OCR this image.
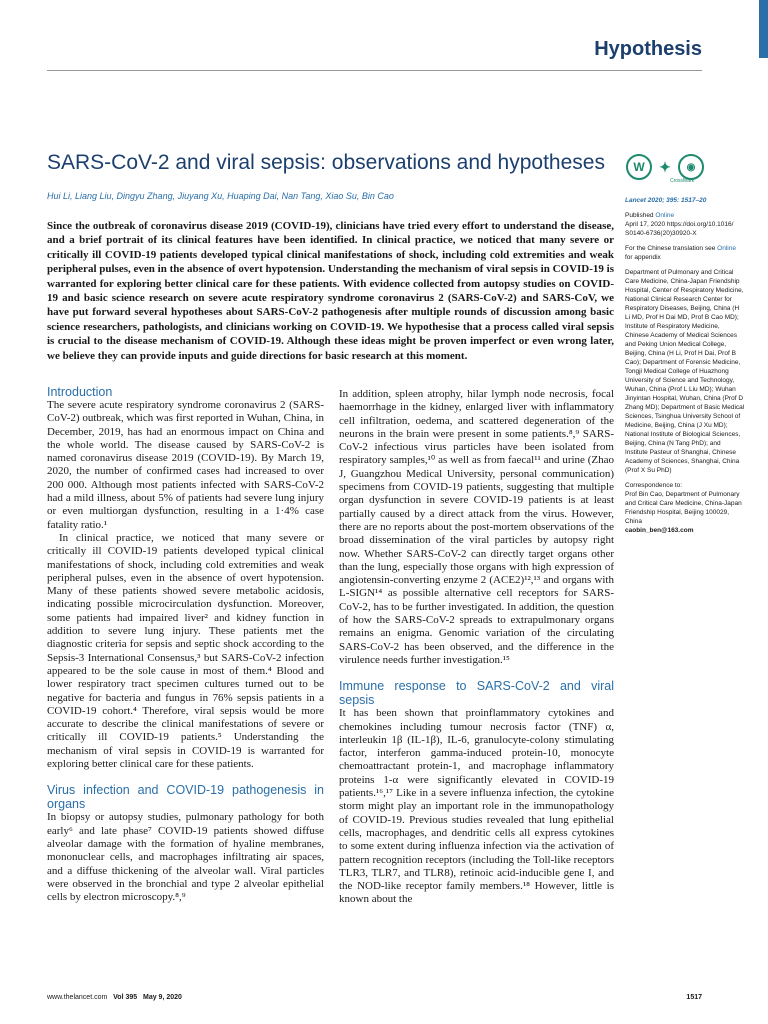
Hypothesis
SARS-CoV-2 and viral sepsis: observations and hypotheses
Hui Li, Liang Liu, Dingyu Zhang, Jiuyang Xu, Huaping Dai, Nan Tang, Xiao Su, Bin Cao
W	✦	◉
CrossMark
Since the outbreak of coronavirus disease 2019 (COVID-19), clinicians have tried every effort to understand the disease, and a brief portrait of its clinical features have been identified. In clinical practice, we noticed that many severe or critically ill COVID-19 patients developed typical clinical manifestations of shock, including cold extremities and weak peripheral pulses, even in the absence of overt hypotension. Understanding the mechanism of viral sepsis in COVID-19 is warranted for exploring better clinical care for these patients. With evidence collected from autopsy studies on COVID-19 and basic science research on severe acute respiratory syndrome coronavirus 2 (SARS-CoV-2) and SARS-CoV, we have put forward several hypotheses about SARS-CoV-2 pathogenesis after multiple rounds of discussion among basic science researchers, pathologists, and clinicians working on COVID-19. We hypothesise that a process called viral sepsis is crucial to the disease mechanism of COVID-19. Although these ideas might be proven imperfect or even wrong later, we believe they can provide inputs and guide directions for basic research at this moment.
Introduction

The severe acute respiratory syndrome coronavirus 2 (SARS-CoV-2) outbreak, which was first reported in Wuhan, China, in December, 2019, has had an enormous impact on China and the whole world. The disease caused by SARS-CoV-2 is named coronavirus disease 2019 (COVID-19). By March 19, 2020, the number of confirmed cases had increased to over 200 000. Although most patients infected with SARS-CoV-2 had a mild illness, about 5% of patients had severe lung injury or even multiorgan dysfunction, resulting in a 1·4% case fatality ratio.¹

In clinical practice, we noticed that many severe or critically ill COVID-19 patients developed typical clinical manifestations of shock, including cold extremities and weak peripheral pulses, even in the absence of overt hypotension. Many of these patients showed severe metabolic acidosis, indicating possible microcirculation dysfunction. Moreover, some patients had impaired liver² and kidney function in addition to severe lung injury. These patients met the diagnostic criteria for sepsis and septic shock according to the Sepsis-3 International Consensus,³ but SARS-CoV-2 infection appeared to be the sole cause in most of them.⁴ Blood and lower respiratory tract specimen cultures turned out to be negative for bacteria and fungus in 76% sepsis patients in a COVID-19 cohort.⁴ Therefore, viral sepsis would be more accurate to describe the clinical manifestations of severe or critically ill COVID-19 patients.⁵ Understanding the mechanism of viral sepsis in COVID-19 is warranted for exploring better clinical care for these patients.

Virus infection and COVID-19 pathogenesis in organs

In biopsy or autopsy studies, pulmonary pathology for both early⁶ and late phase⁷ COVID-19 patients showed diffuse alveolar damage with the formation of hyaline membranes, mononuclear cells, and macrophages infiltrating air spaces, and a diffuse thickening of the alveolar wall. Viral particles were observed in the bronchial and type 2 alveolar epithelial cells by electron microscopy.⁸,⁹

In addition, spleen atrophy, hilar lymph node necrosis, focal haemorrhage in the kidney, enlarged liver with inflammatory cell infiltration, oedema, and scattered degeneration of the neurons in the brain were present in some patients.⁸,⁹ SARS-CoV-2 infectious virus particles have been isolated from respiratory samples,¹⁰ as well as from faecal¹¹ and urine (Zhao J, Guangzhou Medical University, personal communication) specimens from COVID-19 patients, suggesting that multiple organ dysfunction in severe COVID-19 patients is at least partially caused by a direct attack from the virus. However, there are no reports about the post-mortem observations of the broad dissemination of the viral particles by autopsy right now. Whether SARS-CoV-2 can directly target organs other than the lung, especially those organs with high expression of angiotensin-converting enzyme 2 (ACE2)¹²,¹³ and organs with L-SIGN¹⁴ as possible alternative cell receptors for SARS-CoV-2, has to be further investigated. In addition, the question of how the SARS-CoV-2 spreads to extrapulmonary organs remains an enigma. Genomic variation of the circulating SARS-CoV-2 has been observed, and the difference in the virulence needs further investigation.¹⁵

Immune response to SARS-CoV-2 and viral sepsis

It has been shown that proinflammatory cytokines and chemokines including tumour necrosis factor (TNF) α, interleukin 1β (IL-1β), IL-6, granulocyte-colony stimulating factor, interferon gamma-induced protein-10, monocyte chemoattractant protein-1, and macrophage inflammatory proteins 1-α were significantly elevated in COVID-19 patients.¹⁶,¹⁷ Like in a severe influenza infection, the cytokine storm might play an important role in the immunopathology of COVID-19. Previous studies revealed that lung epithelial cells, macrophages, and dendritic cells all express cytokines to some extent during influenza infection via the activation of pattern recognition receptors (including the Toll-like receptors TLR3, TLR7, and TLR8), retinoic acid-inducible gene I, and the NOD-like receptor family members.¹⁸ However, little is known about the

Lancet 2020; 395: 1517–20

Published Online
April 17, 2020 https://doi.org/10.1016/ S0140-6736(20)30920-X

For the Chinese translation see Online for appendix

Department of Pulmonary and Critical Care Medicine, China-Japan Friendship Hospital, Center of Respiratory Medicine, National Clinical Research Center for Respiratory Diseases, Beijing, China (H Li MD, Prof H Dai MD, Prof B Cao MD); Institute of Respiratory Medicine, Chinese Academy of Medical Sciences and Peking Union Medical College, Beijing, China (H Li, Prof H Dai, Prof B Cao); Department of Forensic Medicine, Tongji Medical College of Huazhong University of Science and Technology, Wuhan, China (Prof L Liu MD); Wuhan Jinyintan Hospital, Wuhan, China (Prof D Zhang MD); Department of Basic Medical Sciences, Tsinghua University School of Medicine, Beijing, China (J Xu MD); National Institute of Biological Sciences, Beijing, China (N Tang PhD); and Institute Pasteur of Shanghai, Chinese Academy of Sciences, Shanghai, China (Prof X Su PhD)

Correspondence to:
Prof Bin Cao, Department of Pulmonary and Critical Care Medicine, China-Japan Friendship Hospital, Beijing 100029, China
caobin_ben@163.com

www.thelancet.com Vol 395 May 9, 2020	1517
